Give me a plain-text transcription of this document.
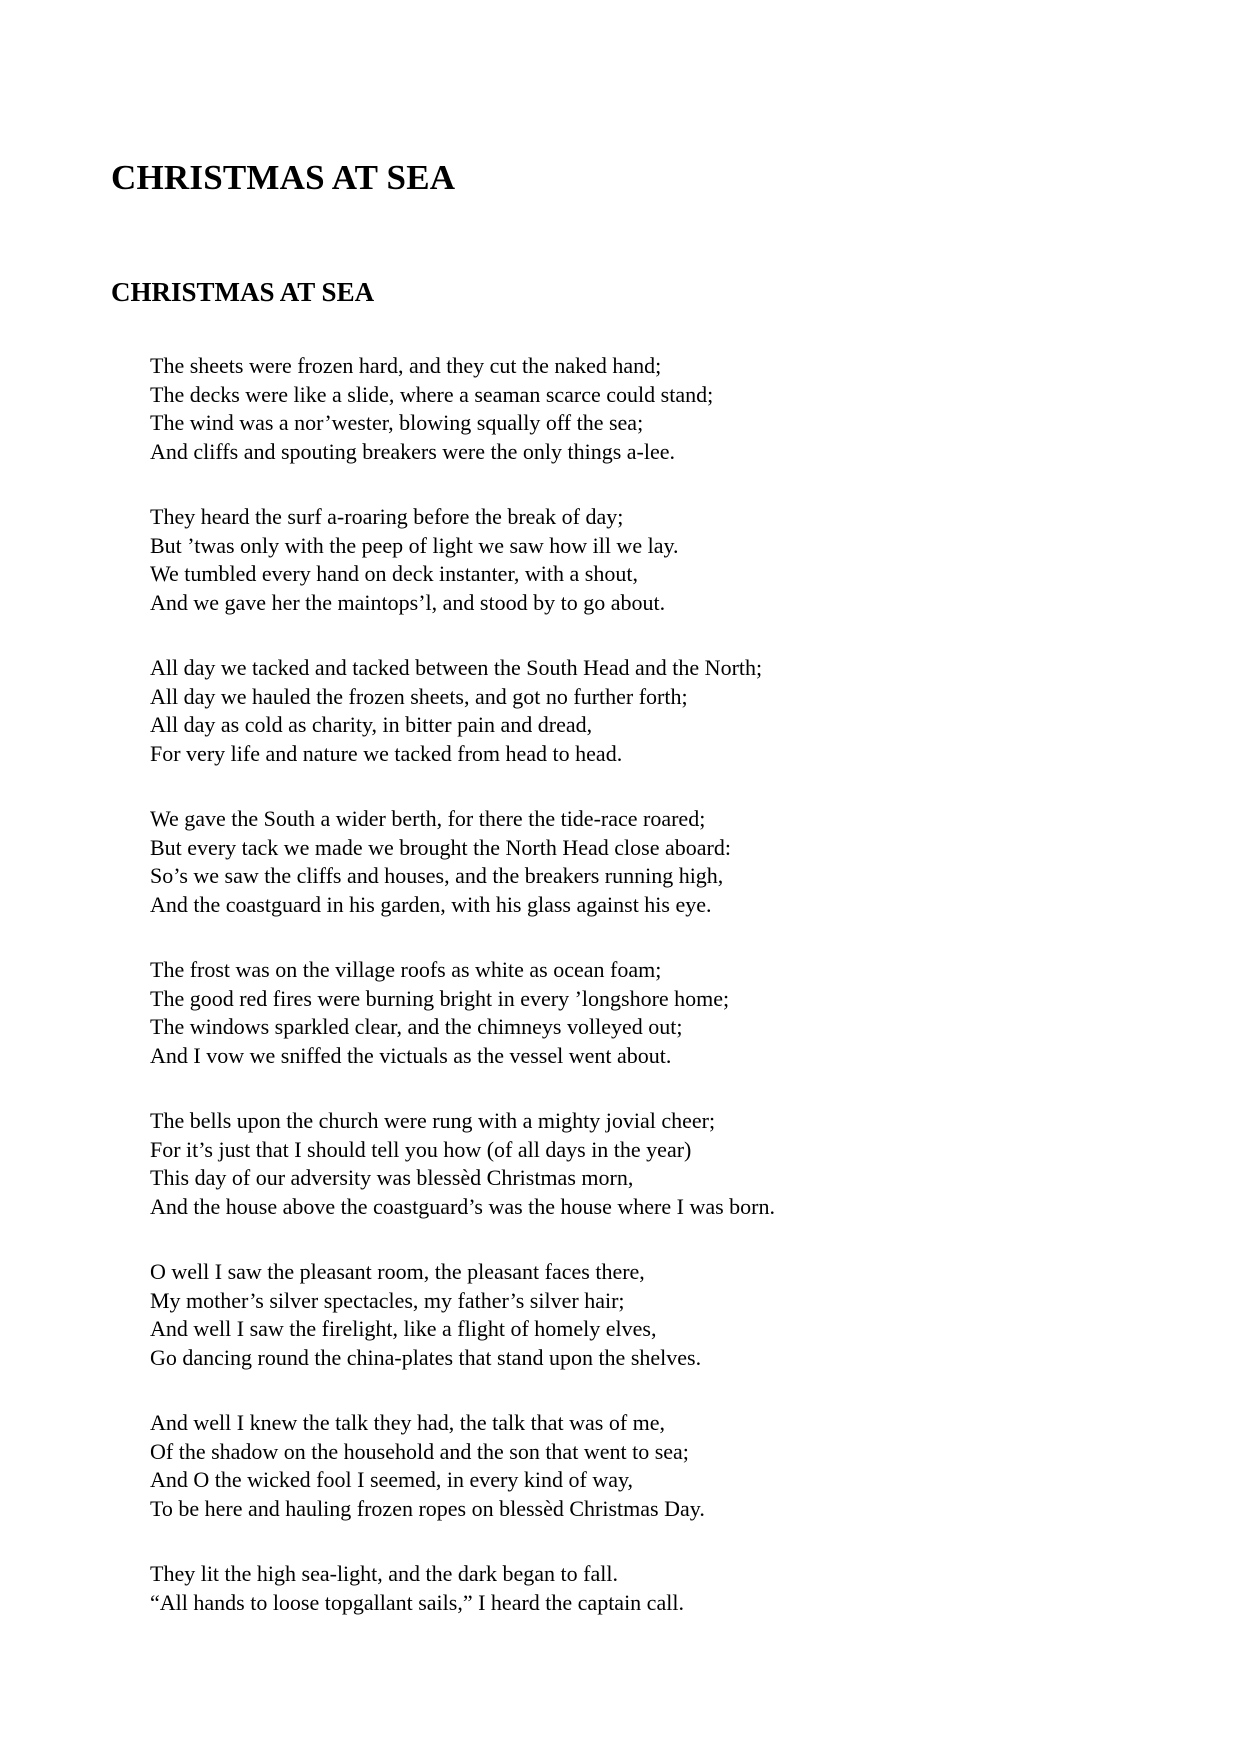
CHRISTMAS AT SEA
CHRISTMAS AT SEA
The sheets were frozen hard, and they cut the naked hand;
The decks were like a slide, where a seaman scarce could stand;
The wind was a nor’wester, blowing squally off the sea;
And cliffs and spouting breakers were the only things a-lee.
They heard the surf a-roaring before the break of day;
But ’twas only with the peep of light we saw how ill we lay.
We tumbled every hand on deck instanter, with a shout,
And we gave her the maintops’l, and stood by to go about.
All day we tacked and tacked between the South Head and the North;
All day we hauled the frozen sheets, and got no further forth;
All day as cold as charity, in bitter pain and dread,
For very life and nature we tacked from head to head.
We gave the South a wider berth, for there the tide-race roared;
But every tack we made we brought the North Head close aboard:
So’s we saw the cliffs and houses, and the breakers running high,
And the coastguard in his garden, with his glass against his eye.
The frost was on the village roofs as white as ocean foam;
The good red fires were burning bright in every ’longshore home;
The windows sparkled clear, and the chimneys volleyed out;
And I vow we sniffed the victuals as the vessel went about.
The bells upon the church were rung with a mighty jovial cheer;
For it’s just that I should tell you how (of all days in the year)
This day of our adversity was blessèd Christmas morn,
And the house above the coastguard’s was the house where I was born.
O well I saw the pleasant room, the pleasant faces there,
My mother’s silver spectacles, my father’s silver hair;
And well I saw the firelight, like a flight of homely elves,
Go dancing round the china-plates that stand upon the shelves.
And well I knew the talk they had, the talk that was of me,
Of the shadow on the household and the son that went to sea;
And O the wicked fool I seemed, in every kind of way,
To be here and hauling frozen ropes on blessèd Christmas Day.
They lit the high sea-light, and the dark began to fall.
“All hands to loose topgallant sails,” I heard the captain call.
